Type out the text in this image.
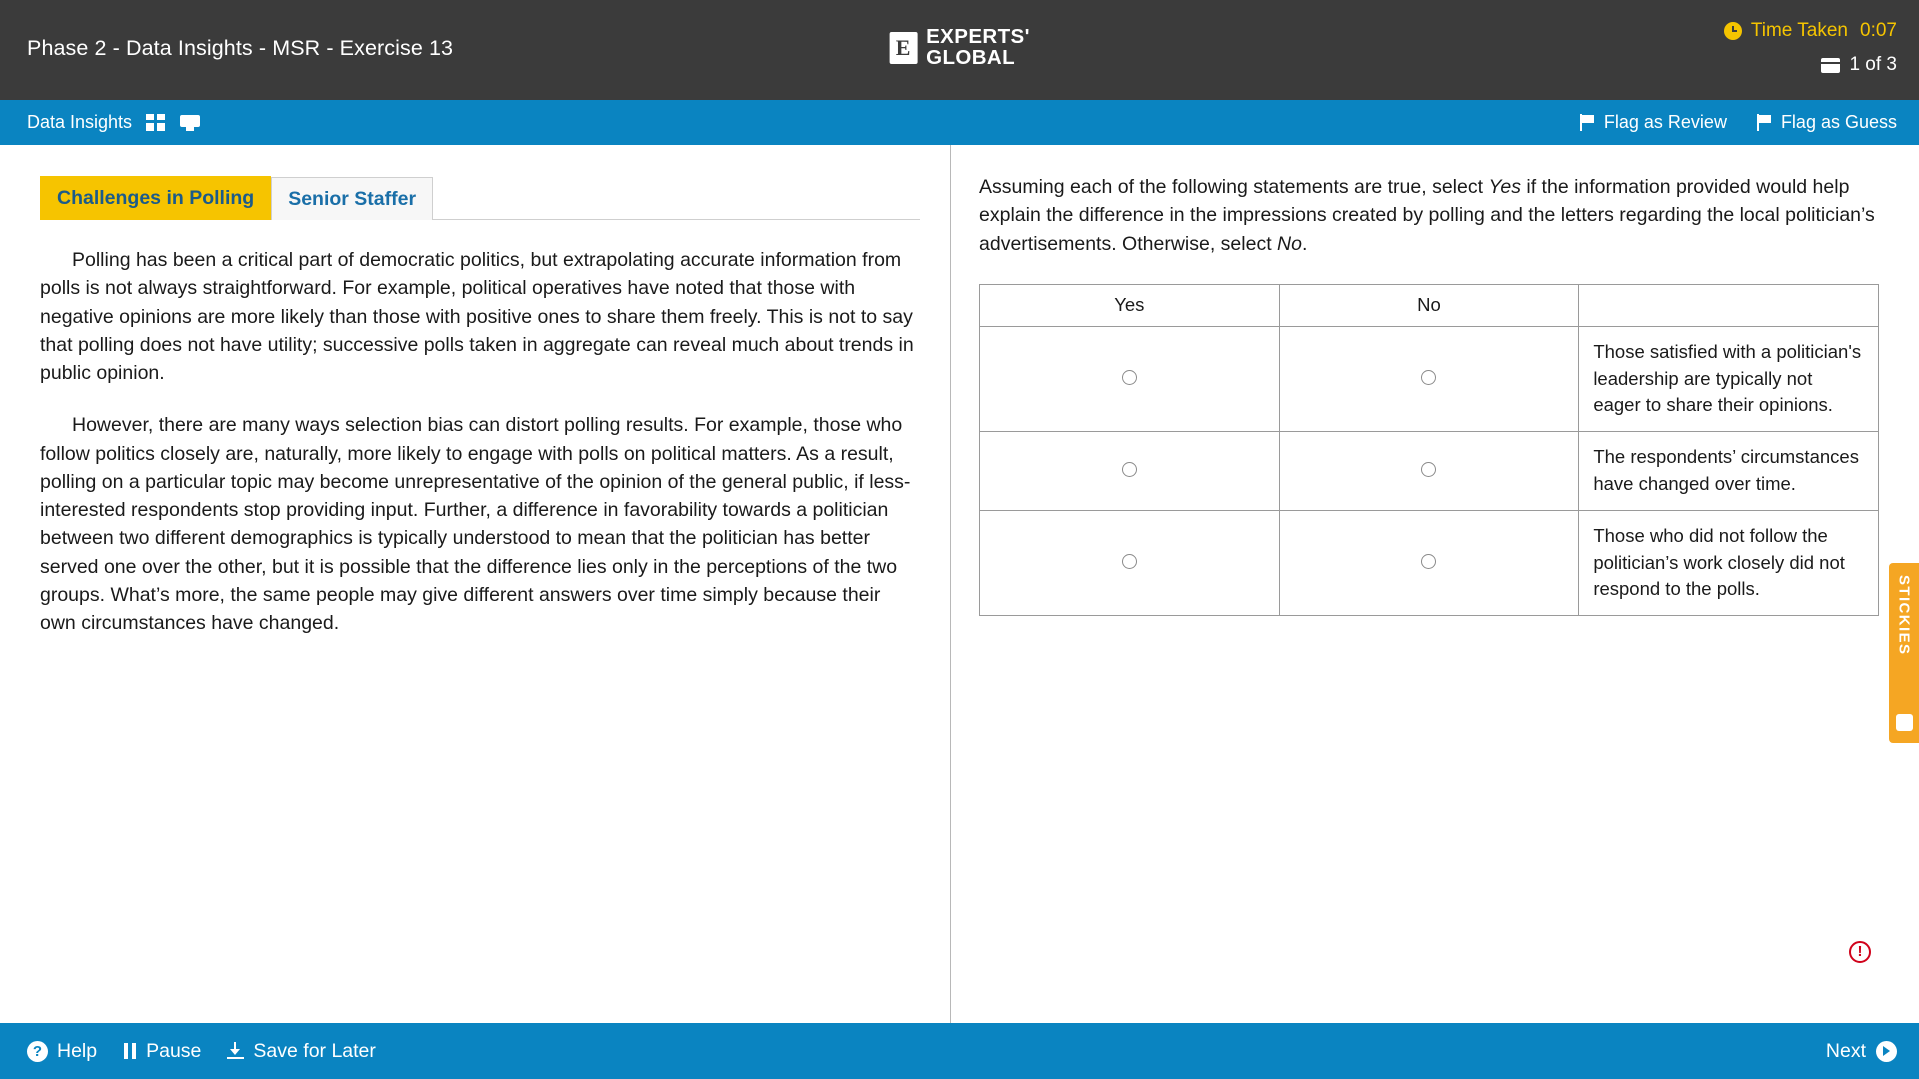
Phase 2 - Data Insights - MSR - Exercise 13	E EXPERTS'
GLOBAL
Time Taken 0:07
1 of 3
Data Insights	Flag as Review	Flag as Guess
Challenges in Polling	Senior Staffer

Polling has been a critical part of democratic politics, but extrapolating accurate information from polls is not always straightforward. For example, political operatives have noted that those with negative opinions are more likely than those with positive ones to share them freely. This is not to say that polling does not have utility; successive polls taken in aggregate can reveal much about trends in public opinion.

However, there are many ways selection bias can distort polling results. For example, those who follow politics closely are, naturally, more likely to engage with polls on political matters. As a result, polling on a particular topic may become unrepresentative of the opinion of the general public, if less-interested respondents stop providing input. Further, a difference in favorability towards a politician between two different demographics is typically understood to mean that the politician has better served one over the other, but it is possible that the difference lies only in the perceptions of the two groups. What’s more, the same people may give different answers over time simply because their own circumstances have changed.

Assuming each of the following statements are true, select Yes if the information provided would help explain the difference in the impressions created by polling and the letters regarding the local politician’s advertisements. Otherwise, select No.
Yes	No	
		Those satisfied with a politician's leadership are typically not eager to share their opinions.
		The respondents’ circumstances have changed over time.
		Those who did not follow the politician’s work closely did not respond to the polls.	STICKIES
!
? Help	Pause	Save for Later	Next
